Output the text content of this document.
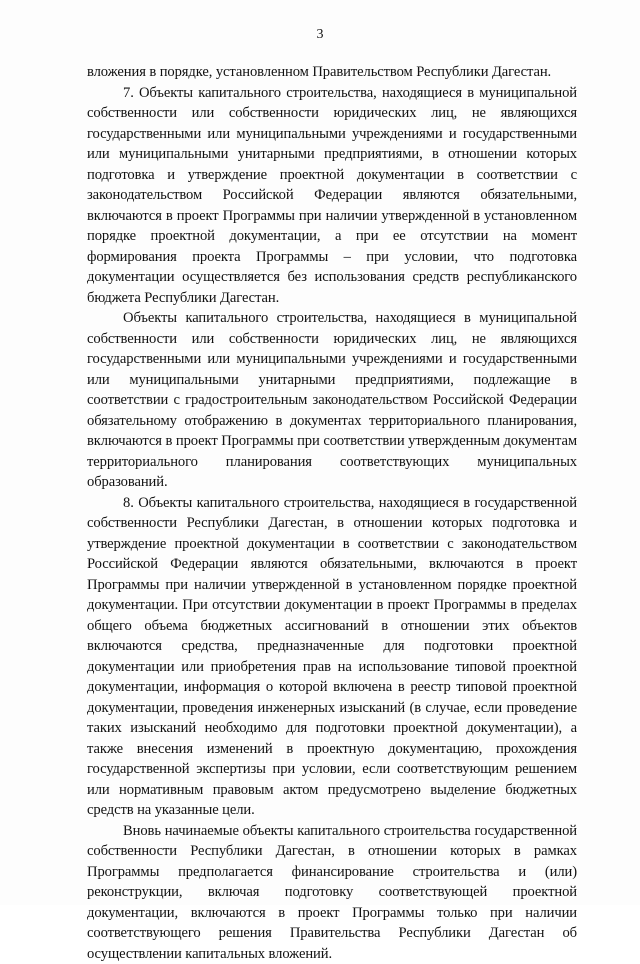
3

вложения в порядке, установленном Правительством Республики Дагестан.

7. Объекты капитального строительства, находящиеся в муниципальной собственности или собственности юридических лиц, не являющихся государственными или муниципальными учреждениями и государственными или муниципальными унитарными предприятиями, в отношении которых подготовка и утверждение проектной документации в соответствии с законодательством Российской Федерации являются обязательными, включаются в проект Программы при наличии утвержденной в установленном порядке проектной документации, а при ее отсутствии на момент формирования проекта Программы – при условии, что подготовка документации осуществляется без использования средств республиканского бюджета Республики Дагестан.

Объекты капитального строительства, находящиеся в муниципальной собственности или собственности юридических лиц, не являющихся государственными или муниципальными учреждениями и государственными или муниципальными унитарными предприятиями, подлежащие в соответствии с градостроительным законодательством Российской Федерации обязательному отображению в документах территориального планирования, включаются в проект Программы при соответствии утвержденным документам территориального планирования соответствующих муниципальных образований.

8. Объекты капитального строительства, находящиеся в государственной собственности Республики Дагестан, в отношении которых подготовка и утверждение проектной документации в соответствии с законодательством Российской Федерации являются обязательными, включаются в проект Программы при наличии утвержденной в установленном порядке проектной документации. При отсутствии документации в проект Программы в пределах общего объема бюджетных ассигнований в отношении этих объектов включаются средства, предназначенные для подготовки проектной документации или приобретения прав на использование типовой проектной документации, информация о которой включена в реестр типовой проектной документации, проведения инженерных изысканий (в случае, если проведение таких изысканий необходимо для подготовки проектной документации), а также внесения изменений в проектную документацию, прохождения государственной экспертизы при условии, если соответствующим решением или нормативным правовым актом предусмотрено выделение бюджетных средств на указанные цели.

Вновь начинаемые объекты капитального строительства государственной собственности Республики Дагестан, в отношении которых в рамках Программы предполагается финансирование строительства и (или) реконструкции, включая подготовку соответствующей проектной документации, включаются в проект Программы только при наличии соответствующего решения Правительства Республики Дагестан об осуществлении капитальных вложений.
